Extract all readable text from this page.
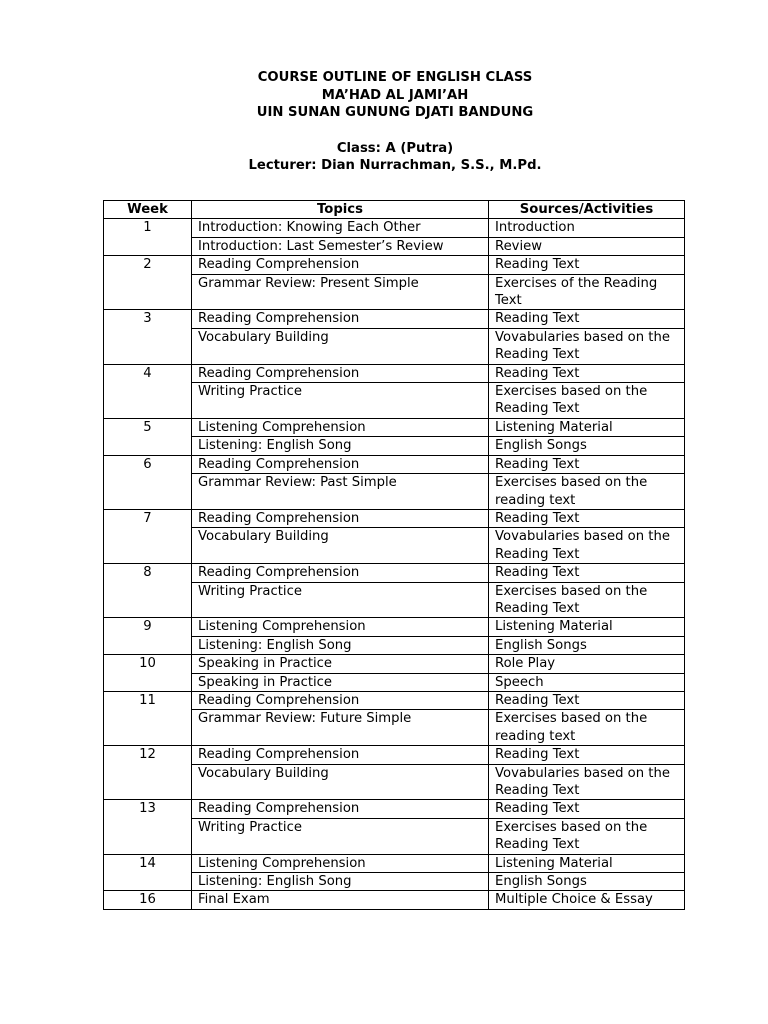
COURSE OUTLINE OF ENGLISH CLASS
MA’HAD AL JAMI’AH
UIN SUNAN GUNUNG DJATI BANDUNG
Class: A (Putra)
Lecturer: Dian Nurrachman, S.S., M.Pd.
Week	Topics	Sources/Activities
1	Introduction: Knowing Each Other	Introduction
	Introduction: Last Semester’s Review	Review
2	Reading Comprehension	Reading Text
	Grammar Review: Present Simple	Exercises of the Reading Text
3	Reading Comprehension	Reading Text
	Vocabulary Building	Vovabularies based on the Reading Text
4	Reading Comprehension	Reading Text
	Writing Practice	Exercises based on the Reading Text
5	Listening Comprehension	Listening Material
	Listening: English Song	English Songs
6	Reading Comprehension	Reading Text
	Grammar Review: Past Simple	Exercises based on the reading text
7	Reading Comprehension	Reading Text
	Vocabulary Building	Vovabularies based on the Reading Text
8	Reading Comprehension	Reading Text
	Writing Practice	Exercises based on the Reading Text
9	Listening Comprehension	Listening Material
	Listening: English Song	English Songs
10	Speaking in Practice	Role Play
	Speaking in Practice	Speech
11	Reading Comprehension	Reading Text
	Grammar Review: Future Simple	Exercises based on the reading text
12	Reading Comprehension	Reading Text
	Vocabulary Building	Vovabularies based on the Reading Text
13	Reading Comprehension	Reading Text
	Writing Practice	Exercises based on the Reading Text
14	Listening Comprehension	Listening Material
	Listening: English Song	English Songs
16	Final Exam	Multiple Choice & Essay
